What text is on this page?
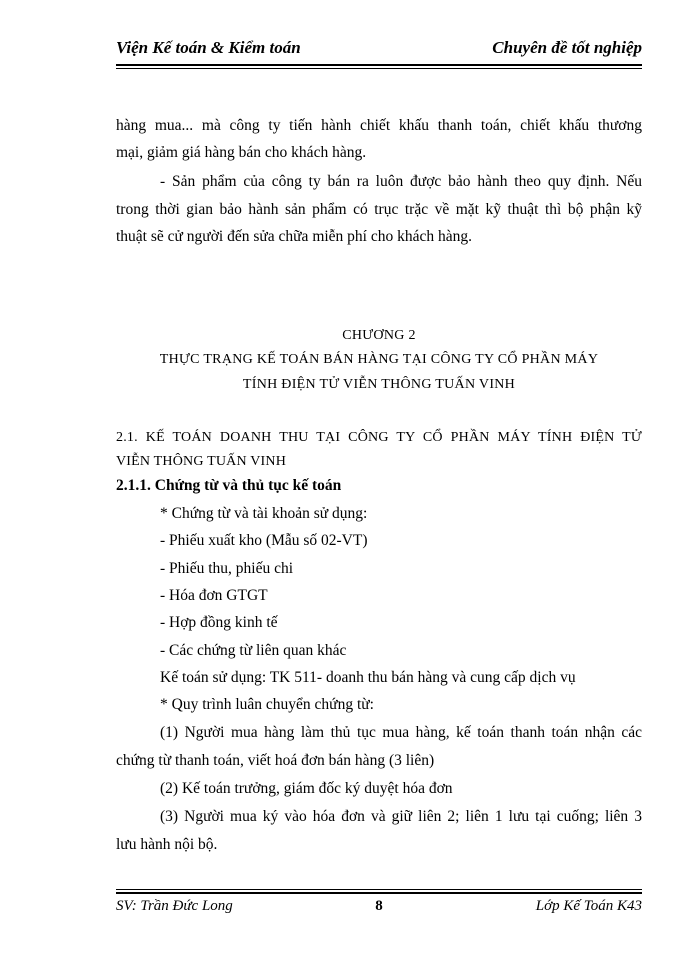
Viện Kế toán & Kiểm toán	Chuyên đề tốt nghiệp
hàng mua... mà công ty tiến hành chiết khấu thanh toán, chiết khấu thương
mại, giảm giá hàng bán cho khách hàng.
- Sản phẩm của công ty bán ra luôn được bảo hành theo quy định. Nếu
trong thời gian bảo hành sản phẩm có trục trặc về mặt kỹ thuật thì bộ phận kỹ
thuật sẽ cử người đến sửa chữa miễn phí cho khách hàng.
CHƯƠNG 2
THỰC TRẠNG KẾ TOÁN BÁN HÀNG TẠI CÔNG TY CỔ PHẦN MÁY
TÍNH ĐIỆN TỬ VIỄN THÔNG TUẤN VINH
2.1. KẾ TOÁN DOANH THU TẠI CÔNG TY CỔ PHẦN MÁY TÍNH ĐIỆN TỬ
VIỄN THÔNG TUẤN VINH
2.1.1. Chứng từ và thủ tục kế toán
* Chứng từ và tài khoản sử dụng:
- Phiếu xuất kho (Mẫu số 02-VT)
- Phiếu thu, phiếu chi
- Hóa đơn GTGT
- Hợp đồng kinh tế
- Các chứng từ liên quan khác
Kế toán sử dụng: TK 511- doanh thu bán hàng và cung cấp dịch vụ
* Quy trình luân chuyển chứng từ:
(1) Người mua hàng làm thủ tục mua hàng, kế toán thanh toán nhận các
chứng từ thanh toán, viết hoá đơn bán hàng (3 liên)
(2) Kế toán trưởng, giám đốc ký duyệt hóa đơn
(3) Người mua ký vào hóa đơn và giữ liên 2; liên 1 lưu tại cuống; liên 3
lưu hành nội bộ.
SV: Trần Đức Long	8	Lớp Kế Toán K43
